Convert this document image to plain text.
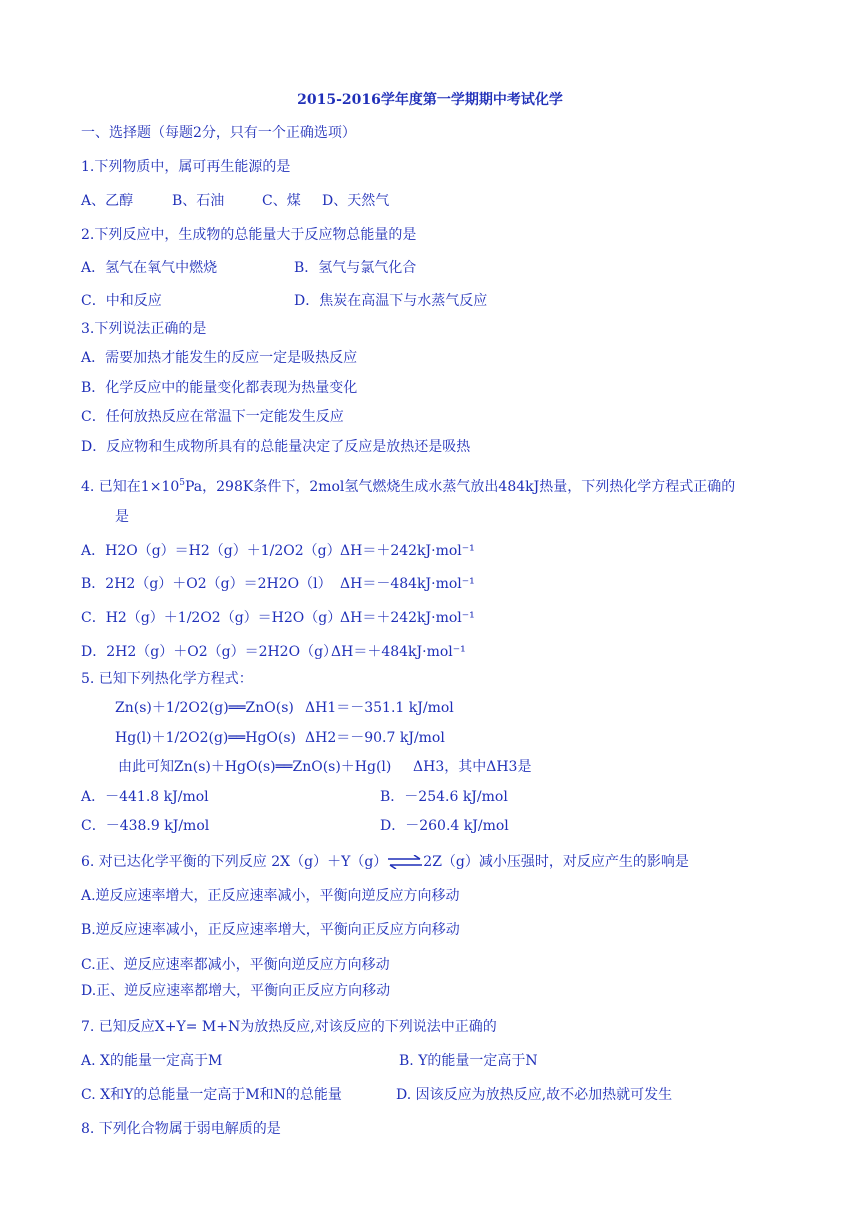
2015-2016学年度第一学期期中考试化学
一、选择题（每题2分，只有一个正确选项）
1.下列物质中，属可再生能源的是
A、乙醇	B、石油	C、煤 D、天然气
2.下列反应中，生成物的总能量大于反应物总能量的是
A．氢气在氧气中燃烧	B．氢气与氯气化合
C．中和反应	D．焦炭在高温下与水蒸气反应
3.下列说法正确的是
A．需要加热才能发生的反应一定是吸热反应
B．化学反应中的能量变化都表现为热量变化
C．任何放热反应在常温下一定能发生反应
D．反应物和生成物所具有的总能量决定了反应是放热还是吸热
4. 已知在$1\times 10^5Pa$，298K条件下，2mol氢气燃烧生成水蒸气放出484kJ热量，下列热化学方程式正确的
是
A．H2O（g）＝H2（g）＋1/2O2（g） ΔH＝＋242kJ·mol⁻¹
B．2H2（g）＋O2（g）＝2H2O（l） ΔH＝－484kJ·mol⁻¹
C．H2（g）＋1/2O2（g）＝H2O（g）
ΔH＝＋242kJ·mol⁻¹
D．2H2（g）＋O2（g）＝2H2O（g）
ΔH＝＋484kJ·mol⁻¹
5. 已知下列热化学方程式：
Zn(s)＋1/2O2(g)══ZnO(s) ΔH1＝－351.1 kJ/mol
Hg(l)＋1/2O2(g)══HgO(s) ΔH2＝－90.7 kJ/mol
由此可知Zn(s)＋HgO(s)══ZnO(s)＋Hg(l) ΔH3，其中ΔH3是
A．－441.8 kJ/mol	B．－254.6 kJ/mol
C．－438.9 kJ/mol	D．－260.4 kJ/mol
6. 对已达化学平衡的下列反应 2X（g）＋Y（g）⇌2Z（g）减小压强时，对反应产生的影响是
A.逆反应速率增大，正反应速率减小，平衡向逆反应方向移动
B.逆反应速率减小，正反应速率增大，平衡向正反应方向移动
C.正、逆反应速率都减小，平衡向逆反应方向移动
D.正、逆反应速率都增大，平衡向正反应方向移动
7. 已知反应X+Y= M+N为放热反应,对该反应的下列说法中正确的
A. X的能量一定高于M	B. Y的能量一定高于N
C. X和Y的总能量一定高于M和N的总能量	D. 因该反应为放热反应,故不必加热就可发生
8. 下列化合物属于弱电解质的是
